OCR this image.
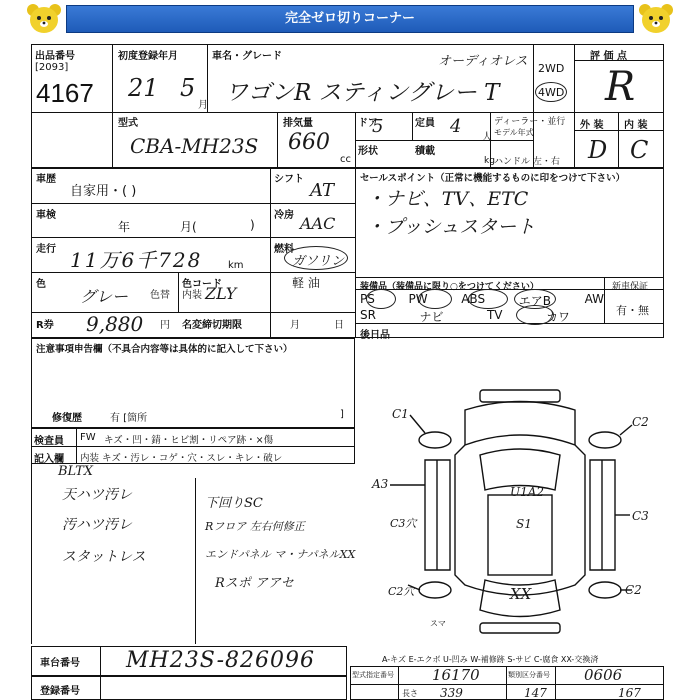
完全ゼロ切りコーナー
出品番号
[2093]
4167
初度登録年月
21 5
月
車名・グレード	オーディオレス
ワゴンR スティングレー T
2WD
4WD
評 価 点
R
型式
CBA-MH23S
排気量
660
cc
ドア
5	定員 4
人
形状	積載
kg
ディーラー・並行
モデル年式
ハンドル 左・右
外 装 内 装
D C
車歴
自家用・( )
シフト
AT
車検
年	月(	)
冷房 AAC
走行 11万6千728	km
燃料
ガソリン
軽 油
色
グレー 色替 内装
色コード
ZLY
R券 9,880 円 名変締切期限	月	日
セールスポイント（正常に機能するものに印をつけて下さい）
・ナビ、TV、ETC
・プッシュスタート
装備品（装備品に限り○をつけてください）	新車保証
PS	PW	ABS	エアB	AW
SR	ナビ	TV	カワ	有・無
後日品
注意事項申告欄（不具合内容等は具体的に記入して下さい）
修復歴	有 [箇所	]
検査員 FW キズ・凹・錆・ヒビ割・リペア跡・×傷
記入欄 内装 キズ・汚レ・コゲ・穴・スレ・キレ・破レ
BLTX
天ハツ汚レ
汚ハツ汚レ
スタットレス
下回りSC
Rフロア 左右何修正
エンドパネル マ・ナパネルXX
Rスポ アアセ
C1
C2
A3
U1A2
S1
C3
C3穴
C2穴	XX	C2
スマ
A-キズ E-エクボ U-凹み W-補修跡 S-サビ C-腐食 XX-交換済
車台番号 MH23S-826096
登録番号
型式指定番号	16170	類別区分番号 0606
長さ 339	147	167
